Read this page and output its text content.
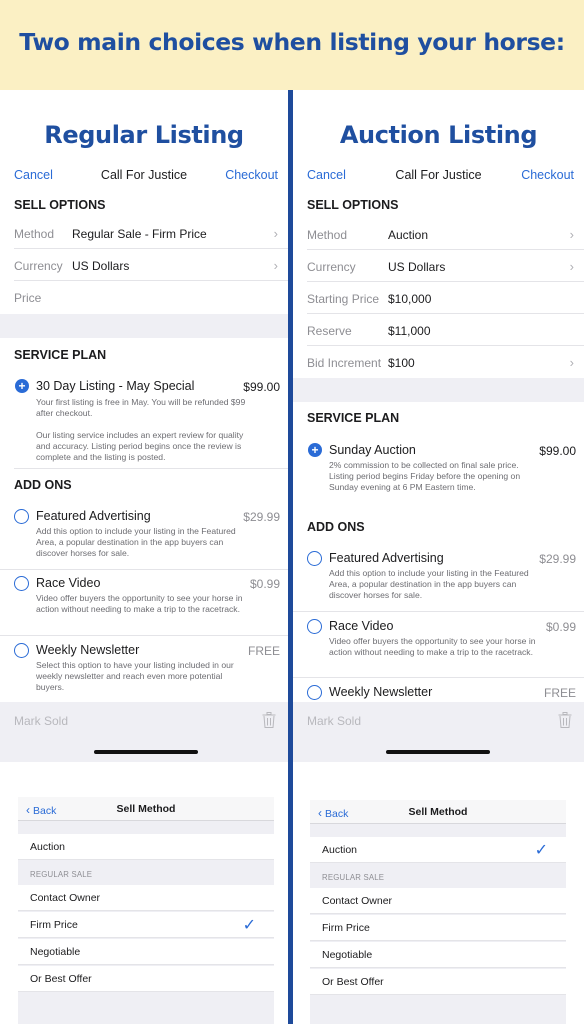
Two main choices when listing your horse:
Regular Listing
Cancel	Call For Justice	Checkout
SELL OPTIONS
Method Regular Sale - Firm Price	›
Currency US Dollars	›
Price
SERVICE PLAN
+ 30 Day Listing - May Special	$99.00
Your first listing is free in May. You will be refunded $99 after checkout.
Our listing service includes an expert review for quality and accuracy. Listing period begins once the review is complete and the listing is posted.
ADD ONS
Featured Advertising	$29.99
Add this option to include your listing in the Featured Area, a popular destination in the app buyers can discover horses for sale.
Race Video	$0.99
Video offer buyers the opportunity to see your horse in action without needing to make a trip to the racetrack.
Weekly Newsletter	FREE
Select this option to have your listing included in our weekly newsletter and reach even more potential buyers.
Mark Sold
‹ Back	Sell Method
Auction
REGULAR SALE
Contact Owner
Firm Price	✓
Negotiable
Or Best Offer
Auction Listing
Cancel	Call For Justice	Checkout
SELL OPTIONS
Method	Auction	›
Currency	US Dollars	›
Starting Price $10,000
Reserve	$11,000
Bid Increment $100	›
SERVICE PLAN
+ Sunday Auction	$99.00
2% commission to be collected on final sale price. Listing period begins Friday before the opening on Sunday evening at 6 PM Eastern time.
ADD ONS
Featured Advertising	$29.99
Add this option to include your listing in the Featured Area, a popular destination in the app buyers can discover horses for sale.
Race Video	$0.99
Video offer buyers the opportunity to see your horse in action without needing to make a trip to the racetrack.
Weekly Newsletter	FREE
Mark Sold
‹ Back	Sell Method
Auction	✓
REGULAR SALE
Contact Owner
Firm Price
Negotiable
Or Best Offer
